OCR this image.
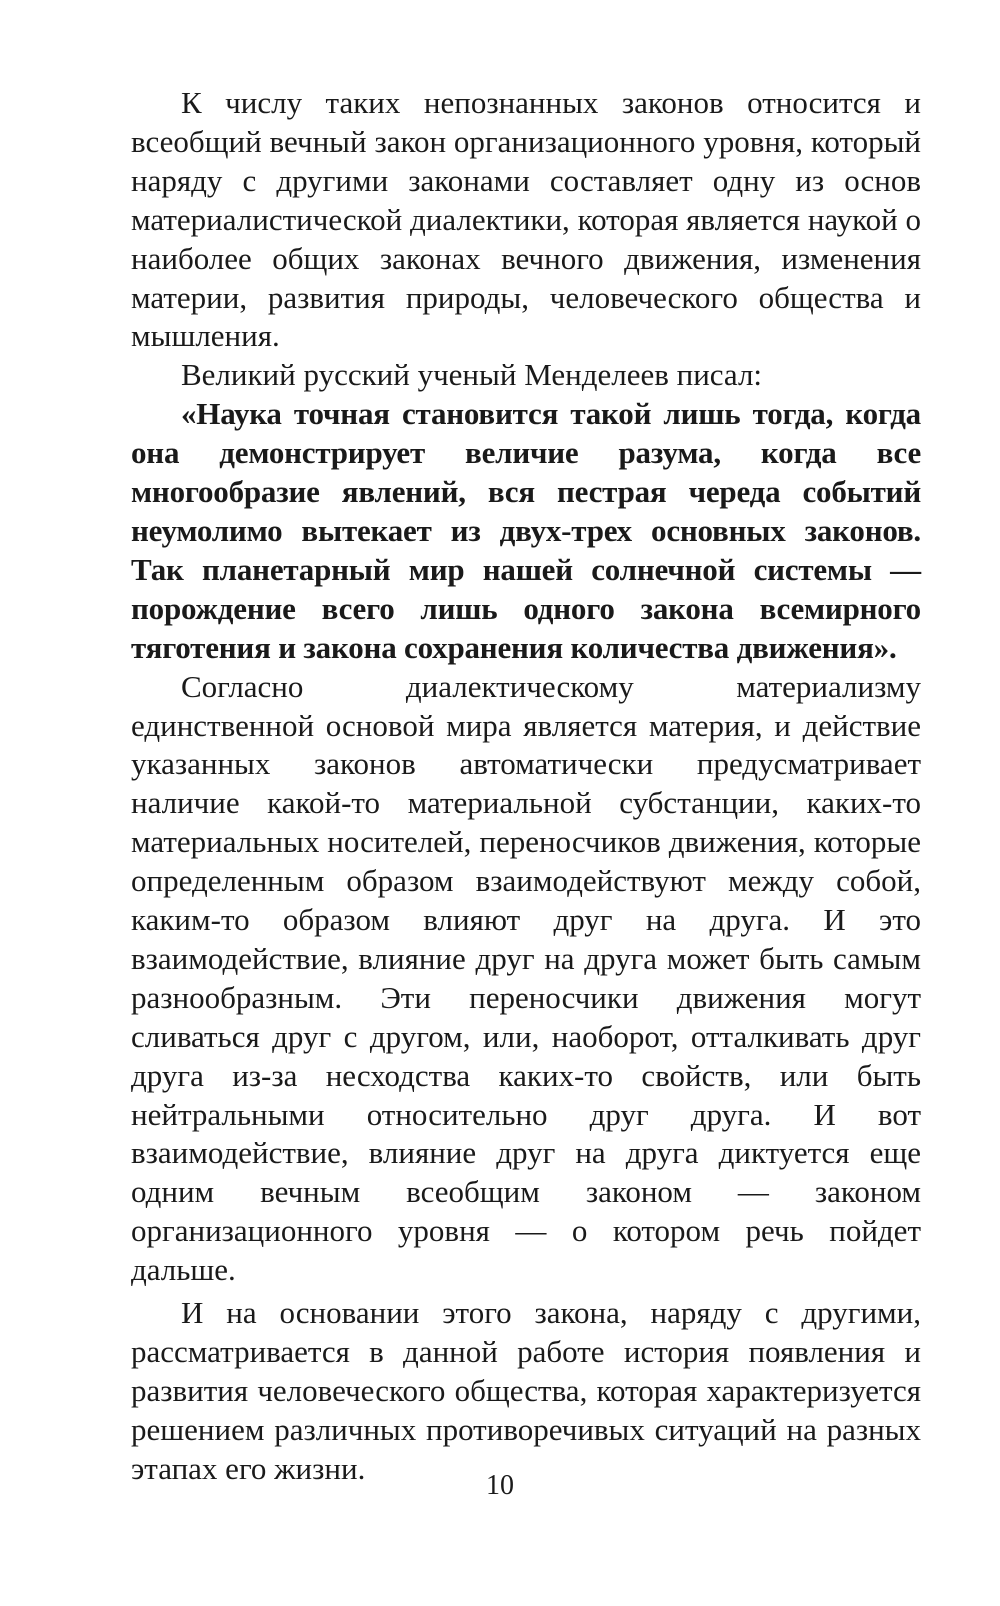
К числу таких непознанных законов относится и всеобщий вечный закон организационного уровня, который наряду с другими законами составляет одну из основ материалистической диалектики, которая является наукой о наиболее общих законах вечного движения, изменения материи, развития природы, человеческого общества и мышления.

Великий русский ученый Менделеев писал:

«Наука точная становится такой лишь тогда, когда она демонстрирует величие разума, когда все многообразие явлений, вся пестрая череда событий неумолимо вытекает из двух-трех основных законов. Так планетарный мир нашей солнечной системы — порождение всего лишь одного закона всемирного тяготения и закона сохранения количества движения».

Согласно диалектическому материализму единственной основой мира является материя, и действие указанных законов автоматически предусматривает наличие какой-то материальной субстанции, каких-то материальных носителей, переносчиков движения, которые определенным образом взаимодействуют между собой, каким-то образом влияют друг на друга. И это взаимодействие, влияние друг на друга может быть самым разнообразным. Эти переносчики движения могут сливаться друг с другом, или, наоборот, отталкивать друг друга из-за несходства каких-то свойств, или быть нейтральными относительно друг друга. И вот взаимодействие, влияние друг на друга диктуется еще одним вечным всеобщим законом — законом организационного уровня — о котором речь пойдет дальше.

И на основании этого закона, наряду с другими, рассматривается в данной работе история появления и развития человеческого общества, которая характеризуется решением различных противоречивых ситуаций на разных этапах его жизни.	10
